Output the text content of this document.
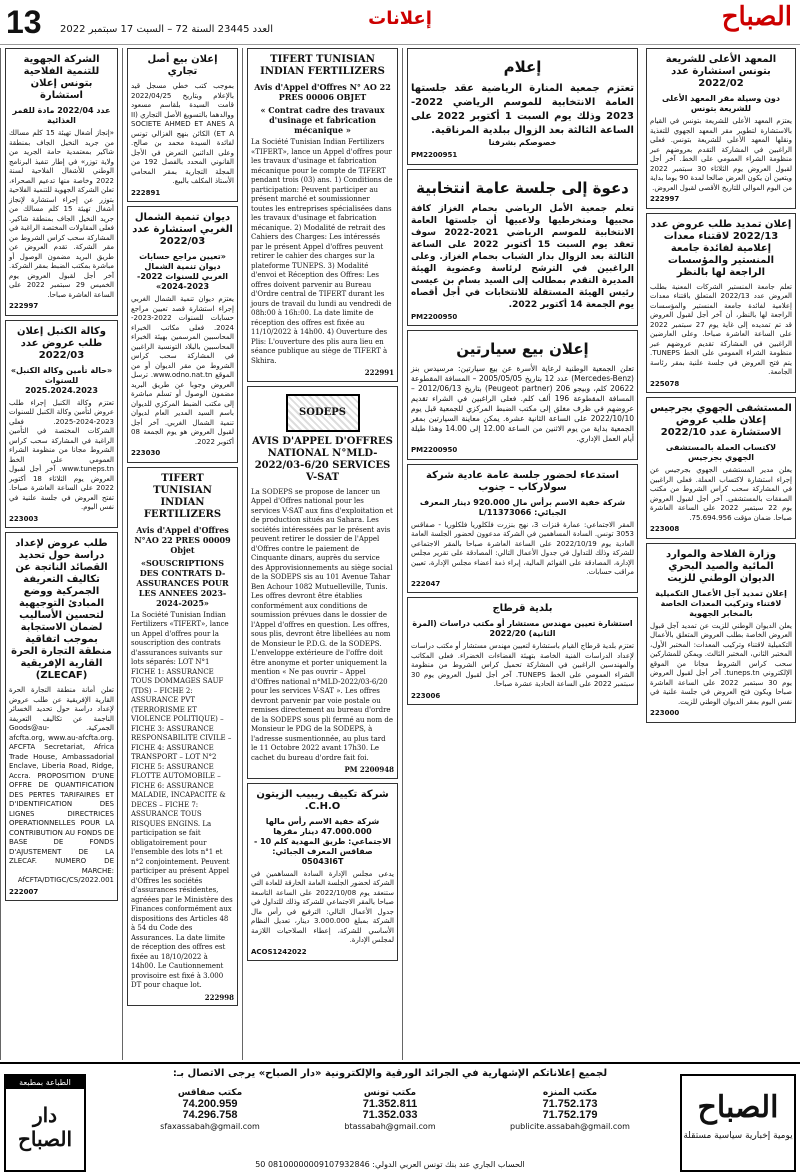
13 العدد 23445 السنة 72 – السبت 17 سبتمبر 2022
إعلانات	الصباح
المعهد الأعلى للشريعة بتونس استشارة عدد 2022/02
دون وسيلة مقر المعهد الأعلى للشريعة بتونس
يعتزم المعهد الأعلى للشريعة بتونس في القيام بالاستشارة لتطوير مقر المعهد الجهوي للتغذية ونقلها المعهد الأعلى للشريعة بتونس. فعلى الراغبين في المشاركة التقدم بعروضهم عبر منظومة الشراء العمومي على الخط. آخر أجل لقبول العروض يوم الثلاثاء 30 سبتمبر 2022 ويتعين أن يكون العرض صالحا لمدة 90 يوما بداية من اليوم الموالي للتاريخ الأقصى لقبول العروض.
222997
إعلان تمديد طلب عروض عدد 2022/13 لاقتناء معدات إعلامية لفائدة جامعة المنستير والمؤسسات الراجعة لها بالنظر
تعلم جامعة المنستير الشركات المعنية بطلب العروض عدد 2022/13 المتعلق باقتناء معدات إعلامية لفائدة جامعة المنستير والمؤسسات الراجعة لها بالنظر، أن آخر أجل لقبول العروض قد تم تمديده إلى غاية يوم 27 سبتمبر 2022 على الساعة العاشرة صباحا. وعلى العارضين الراغبين في المشاركة تقديم عروضهم عبر منظومة الشراء العمومي على الخط TUNEPS. يتم فتح العروض في جلسة علنية بمقر رئاسة الجامعة.
225078
المستشفى الجهوي بجرجيس إعلان طلب عروض الاستشارة عدد 2022/10
لاكتساب العملة بالمستشفى الجهوي بجرجيس
يعلن مدير المستشفى الجهوي بجرجيس عن إجراء استشارة لاكتساب العملة. فعلى الراغبين في المشاركة سحب كراس الشروط من مكتب الصفقات بالمستشفى. آخر أجل لقبول العروض يوم 22 سبتمبر 2022 على الساعة العاشرة صباحا. ضمان مؤقت 75.694.956.
223008
وزارة الفلاحة والموارد المائية والصيد البحري الديوان الوطني للزيت
إعلان تمديد آجل الأعمال التكميلية لاقتناء وتركيب المعدات الخاصة بالمخابر الجهوية
يعلن الديوان الوطني للزيت عن تمديد آجل قبول العروض الخاصة بطلب العروض المتعلق بالأعمال التكميلية لاقتناء وتركيب المعدات: المختبر الأول، المختبر الثاني، المختبر الثالث. ويمكن للمشاركين سحب كراس الشروط مجانا من الموقع الإلكتروني tuneps.tn. آخر أجل لقبول العروض يوم 30 سبتمبر 2022 على الساعة العاشرة صباحا ويكون فتح العروض في جلسة علنية في نفس اليوم بمقر الديوان الوطني للزيت.
223000
إعلام
تعتزم جمعية المنارة الرياضية عقد جلستها العامة الانتخابية للموسم الرياضي 2022-2023 وذلك يوم السبت 1 أكتوبر 2022 على الساعة الثالثة بعد الزوال ببلدية المرناقية.
خصوصكم بشرفنا
PM2200951
دعوة إلى جلسة عامة انتخابية
تعلم جمعية الأمل الرياضي بحمام الغزاز كافة محبيها ومنخرطيها ولاعبيها أن جلستها العامة الانتخابية للموسم الرياضي 2021-2022 سوف تعقد يوم السبت 15 أكتوبر 2022 على الساعة الثالثة بعد الزوال بدار الشباب بحمام الغزاز. وعلى الراغبين في الترشح لرئاسة وعضوية الهيئة المديرة التقدم بمطالب إلى السيد بسام بن عيسى رئيس الهيئة المستقلة للانتخابات في أجل أقصاه يوم الجمعة 14 أكتوبر 2022.
PM2200950
إعلان بيع سيارتين
تعلن الجمعية الوطنية لرعاية الأسرة عن بيع سيارتين: مرسيدس بنز (Mercedes-Benz) عدد 12 بتاريخ 2005/05/05 – المسافة المقطوعة 20622 كلم، وبيجو 206 (Peugeot partner) بتاريخ 2012/06/13 – المسافة المقطوعة 196 ألف كلم. فعلى الراغبين في الشراء تقديم عروضهم في ظرف مغلق إلى مكتب الضبط المركزي للجمعية قبل يوم 2022/10/10 على الساعة الثانية عشرة. يمكن معاينة السيارتين بمقر الجمعية بداية من يوم الاثنين من الساعة 12.00 إلى 14.00 وهذا طيلة أيام العمل الإداري.
PM2200950
استدعاء لحضور جلسة عامة عادية شركة سولاركاب – جنوب
شركة خفية الاسم برأس مال 920.000 دينار المعرف الجبائي: 11373066/L
المقر الاجتماعي: عمارة قنزات 3، نهج بنزرت فلكلوريا فلكلوريا - صفاقس 3053 تونس. السادة المساهمين في الشركة مدعوون لحضور الجلسة العامة العادية يوم 2022/10/19 على الساعة العاشرة صباحا بالمقر الاجتماعي للشركة وذلك للتداول في جدول الأعمال التالي: المصادقة على تقرير مجلس الإدارة، المصادقة على القوائم المالية، إبراء ذمة أعضاء مجلس الإدارة، تعيين مراقب حسابات.
222047
بلدية قرطاج
استشارة تعيين مهندس مستشار أو مكتب دراسات (المرة الثانية) 2022/20
تعتزم بلدية قرطاج القيام باستشارة لتعيين مهندس مستشار أو مكتب دراسات لإعداد الدراسات الفنية الخاصة بتهيئة الفضاءات الخضراء. فعلى المكاتب والمهندسين الراغبين في المشاركة تحميل كراس الشروط من منظومة الشراء العمومي على الخط TUNEPS. آخر أجل لقبول العروض يوم 30 سبتمبر 2022 على الساعة الحادية عشرة صباحا.
223006
TIFERT TUNISIAN INDIAN FERTILIZERS
Avis d'Appel d'Offres N° AO 22 PRES 00006 OBJET
« Contrat cadre des travaux d'usinage et fabrication mécanique »
La Société Tunisian Indian Fertilizers «TIFERT», lance un Appel d'offres pour les travaux d'usinage et fabrication mécanique pour le compte de TIFERT pendant trois (03) ans. 1) Conditions de participation: Peuvent participer au présent marché et soumissionner toutes les entreprises spécialisées dans les travaux d'usinage et fabrication mécanique. 2) Modalité de retrait des Cahiers des Charges: Les intéressés par le présent Appel d'offres peuvent retirer le cahier des charges sur la plateforme TUNEPS. 3) Modalité d'envoi et Réception des Offres: Les offres doivent parvenir au Bureau d'Ordre central de TIFERT durant les jours de travail du lundi au vendredi de 08h:00 à 16h:00. La date limite de réception des offres est fixée au 11/10/2022 à 14h00. 4) Ouverture des Plis: L'ouverture des plis aura lieu en séance publique au siège de TIFERT à Skhira.
222991
SODEPS
AVIS D'APPEL D'OFFRES NATIONAL N°MLD-2022/03-6/20 SERVICES V-SAT
La SODEPS se propose de lancer un Appel d'Offres national pour les services V-SAT aux fins d'exploitation et de production situés au Sahara. Les sociétés intéressées par le présent avis peuvent retirer le dossier de l'Appel d'Offres contre le paiement de Cinquante dinars, auprès du service des Approvisionnements au siège social de la SODEPS sis au 101 Avenue Tahar Ben Achour 1082 Mutuelleville, Tunis. Les offres devront être établies conformément aux conditions de soumission prévues dans le dossier de l'Appel d'offres en question. Les offres, sous plis, devront être libellées au nom de Monsieur le P.D.G. de la SODEPS. L'enveloppe extérieure de l'offre doit être anonyme et porter uniquement la mention « Ne pas ouvrir – Appel d'Offres national n°MLD-2022/03-6/20 pour les services V-SAT ». Les offres devront parvenir par voie postale ou remises directement au bureau d'ordre de la SODEPS sous pli fermé au nom de Monsieur le PDG de la SODEPS, à l'adresse susmentionnée, au plus tard le 11 Octobre 2022 avant 17h30. Le cachet du bureau d'ordre fait foi.
PM 2200948
شركة تكييف ريبيب الزيتون C.H.O.
شركة خفية الاسم رأس مالها 47.000.000 دينار مقرها الاجتماعي: طريق المهدية كلم 10 - صفاقس المعرف الجبائي: 05043I6T
يدعى مجلس الإدارة السادة المساهمين في الشركة لحضور الجلسة العامة الخارقة للعادة التي ستنعقد يوم 2022/10/08 على الساعة التاسعة صباحا بالمقر الاجتماعي للشركة وذلك للتداول في جدول الأعمال التالي: الترفيع في رأس مال الشركة بمبلغ 3.000.000 دينار، تعديل النظام الأساسي للشركة، إعطاء الصلاحيات اللازمة لمجلس الإدارة.
ACOS1242022
إعلان بيع أصل تجاري
بموجب كتب خطي مسجل قيد بالإعلام وبتاريخ 2022/04/25 قامت السيدة بلقاسم مسعود ووالدهما بالتسويغ الأصل التجاري (II SOCIETE AHMED ET ANES A ET A) الكائن بنهج الغزالي تونس لفائدة السيدة محمد بن صالح. وعلى الدائنين التعرض في الأجل القانوني المحدد بالفصل 192 من المجلة التجارية بمقر المحامي الأستاذ المكلف بالبيع.
222891
ديوان تنمية الشمال الغربي استشارة عدد 2022/03
«تعيين مراجع حسابات ديوان تنمية الشمال الغربي للسنوات 2022-2023-2024»
يعتزم ديوان تنمية الشمال الغربي إجراء استشارة قصد تعيين مراجع حسابات للسنوات 2022-2023-2024. فعلى مكاتب الخبراء المحاسبين المرسمين بهيئة الخبراء المحاسبين بالبلاد التونسية الراغبين في المشاركة سحب كراس الشروط من مقر الديوان أو من الموقع www.odno.nat.tn. ترسل العروض وجوبا عن طريق البريد مضمون الوصول أو تسلم مباشرة إلى مكتب الضبط المركزي للديوان باسم السيد المدير العام لديوان تنمية الشمال الغربي. آخر أجل لقبول العروض هو يوم الجمعة 08 أكتوبر 2022.
223030
TIFERT TUNISIAN INDIAN FERTILIZERS
Avis d'Appel d'Offres N°AO 22 PRES 00009 Objet
«SOUSCRIPTIONS DES CONTRATS D-ASSURANCES POUR LES ANNEES 2023-2024-2025»
La Société Tunisian Indian Fertilizers «TIFERT», lance un Appel d'offres pour la souscription des contrats d'assurances suivants sur lots séparés: LOT N°1 FICHE 1: ASSURANCE TOUS DOMMAGES SAUF (TDS) – FICHE 2: ASSURANCE PVT (TERRORISME ET VIOLENCE POLITIQUE) – FICHE 3: ASSURANCE RESPONSABILITE CIVILE – FICHE 4: ASSURANCE TRANSPORT – LOT N°2 FICHE 5: ASSURANCE FLOTTE AUTOMOBILE – FICHE 6: ASSURANCE MALADIE, INCAPACITE & DECES – FICHE 7: ASSURANCE TOUS RISQUES ENGINS. La participation se fait obligatoirement pour l'ensemble des lots n°1 et n°2 conjointement. Peuvent participer au présent Appel d'Offres les sociétés d'assurances résidentes, agréées par le Ministère des Finances conformément aux dispositions des Articles 48 à 54 du Code des Assurances. La date limite de réception des offres est fixée au 18/10/2022 à 14h00. Le Cautionnement provisoire est fixé à 3.000 DT pour chaque lot.
222998
الشركة الجهوية للتنمية الفلاحية بتونس إعلان استشارة
عدد 2022/04 مادة للقمر الغذائية
«إنجاز أشغال تهيئة 15 كلم مسالك من جريد النخيل الجاف بمنطقة شاكير بمعتمدية حامة الجريد من ولاية توزر» في إطار تنفيذ البرنامج الوطني للأشغال الفلاحية لسنة 2022 وخاصة منها تدعيم الصحراء، تعلن الشركة الجهوية للتنمية الفلاحية بتوزر عن إجراء استشارة لإنجاز أشغال تهيئة 15 كلم مسالك من جريد النخيل الجاف بمنطقة شاكير. فعلى المقاولات المختصة الراغبة في المشاركة سحب كراس الشروط من مقر الشركة. تقدم العروض عن طريق البريد مضمون الوصول أو مباشرة بمكتب الضبط بمقر الشركة. آخر أجل لقبول العروض يوم الخميس 29 سبتمبر 2022 على الساعة العاشرة صباحا.
222997
وكالة الكنبل إعلان طلب عروض عدد 2022/03
«حالة تأمين وكالة الكنبل» للسنوات 2025.2024.2023
تعتزم وكالة الكنبل إجراء طلب عروض لتأمين وكالة الكنبل للسنوات 2023-2024-2025. فعلى الشركات المختصة في التأمين الراغبة في المشاركة سحب كراس الشروط مجانا من منظومة الشراء العمومي على الخط www.tuneps.tn. آخر أجل لقبول العروض يوم الثلاثاء 18 أكتوبر 2022 على الساعة العاشرة صباحا. تفتح العروض في جلسة علنية في نفس اليوم.
223003
طلب عروض لإعداد دراسة حول تحديد القصائد الناتجة عن تكاليف التعريفة الجمركية ووضع المبادئ التوجيهية لتحسين الأساليب لضمان الاستجابة بموجب اتفاقية منطقة التجارة الحرة القارية الإفريقية (ZLECAF)
تعلن أمانة منطقة التجارة الحرة القارية الإفريقية عن طلب عروض لإعداد دراسة حول تحديد الخسائر الناجمة عن تكاليف التعريفة الجمركية. Goods@au-afcfta.org, www.au-afcfta.org. AFCFTA Secretariat, Africa Trade House, Ambassadorial Enclave, Liberia Road, Ridge, Accra. PROPOSITION D'UNE OFFRE DE QUANTIFICATION DES PERTES TARIFAIRES ET D'IDENTIFICATION DES LIGNES DIRECTRICES OPERATIONNELLES POUR LA CONTRIBUTION AU FONDS DE BASE DE FONDS D'AJUSTEMENT DE LA ZLECAF. NUMERO DE MARCHE: AfCFTA/DTIGC/CS/2022.001
222007
لجميع إعلاناتكم الإشهارية في الجرائد الورقية والإلكترونية «دار الصباح» يرجى الاتصال بـ:
مكتب المنزه
71.752.173
71.752.179
publicite.assabah@gmail.com
مكتب تونس
71.352.811
71.352.033
btassabah@gmail.com
مكتب صفاقس
74.200.959
74.296.758
sfaxassabah@gmail.com
الحساب الجاري عند بنك تونس العربي الدولي: 08100000009107932846 50
الصباح
يومية إخبارية سياسية مستقلة
الطباعة بمطبعة
دار الصباح
